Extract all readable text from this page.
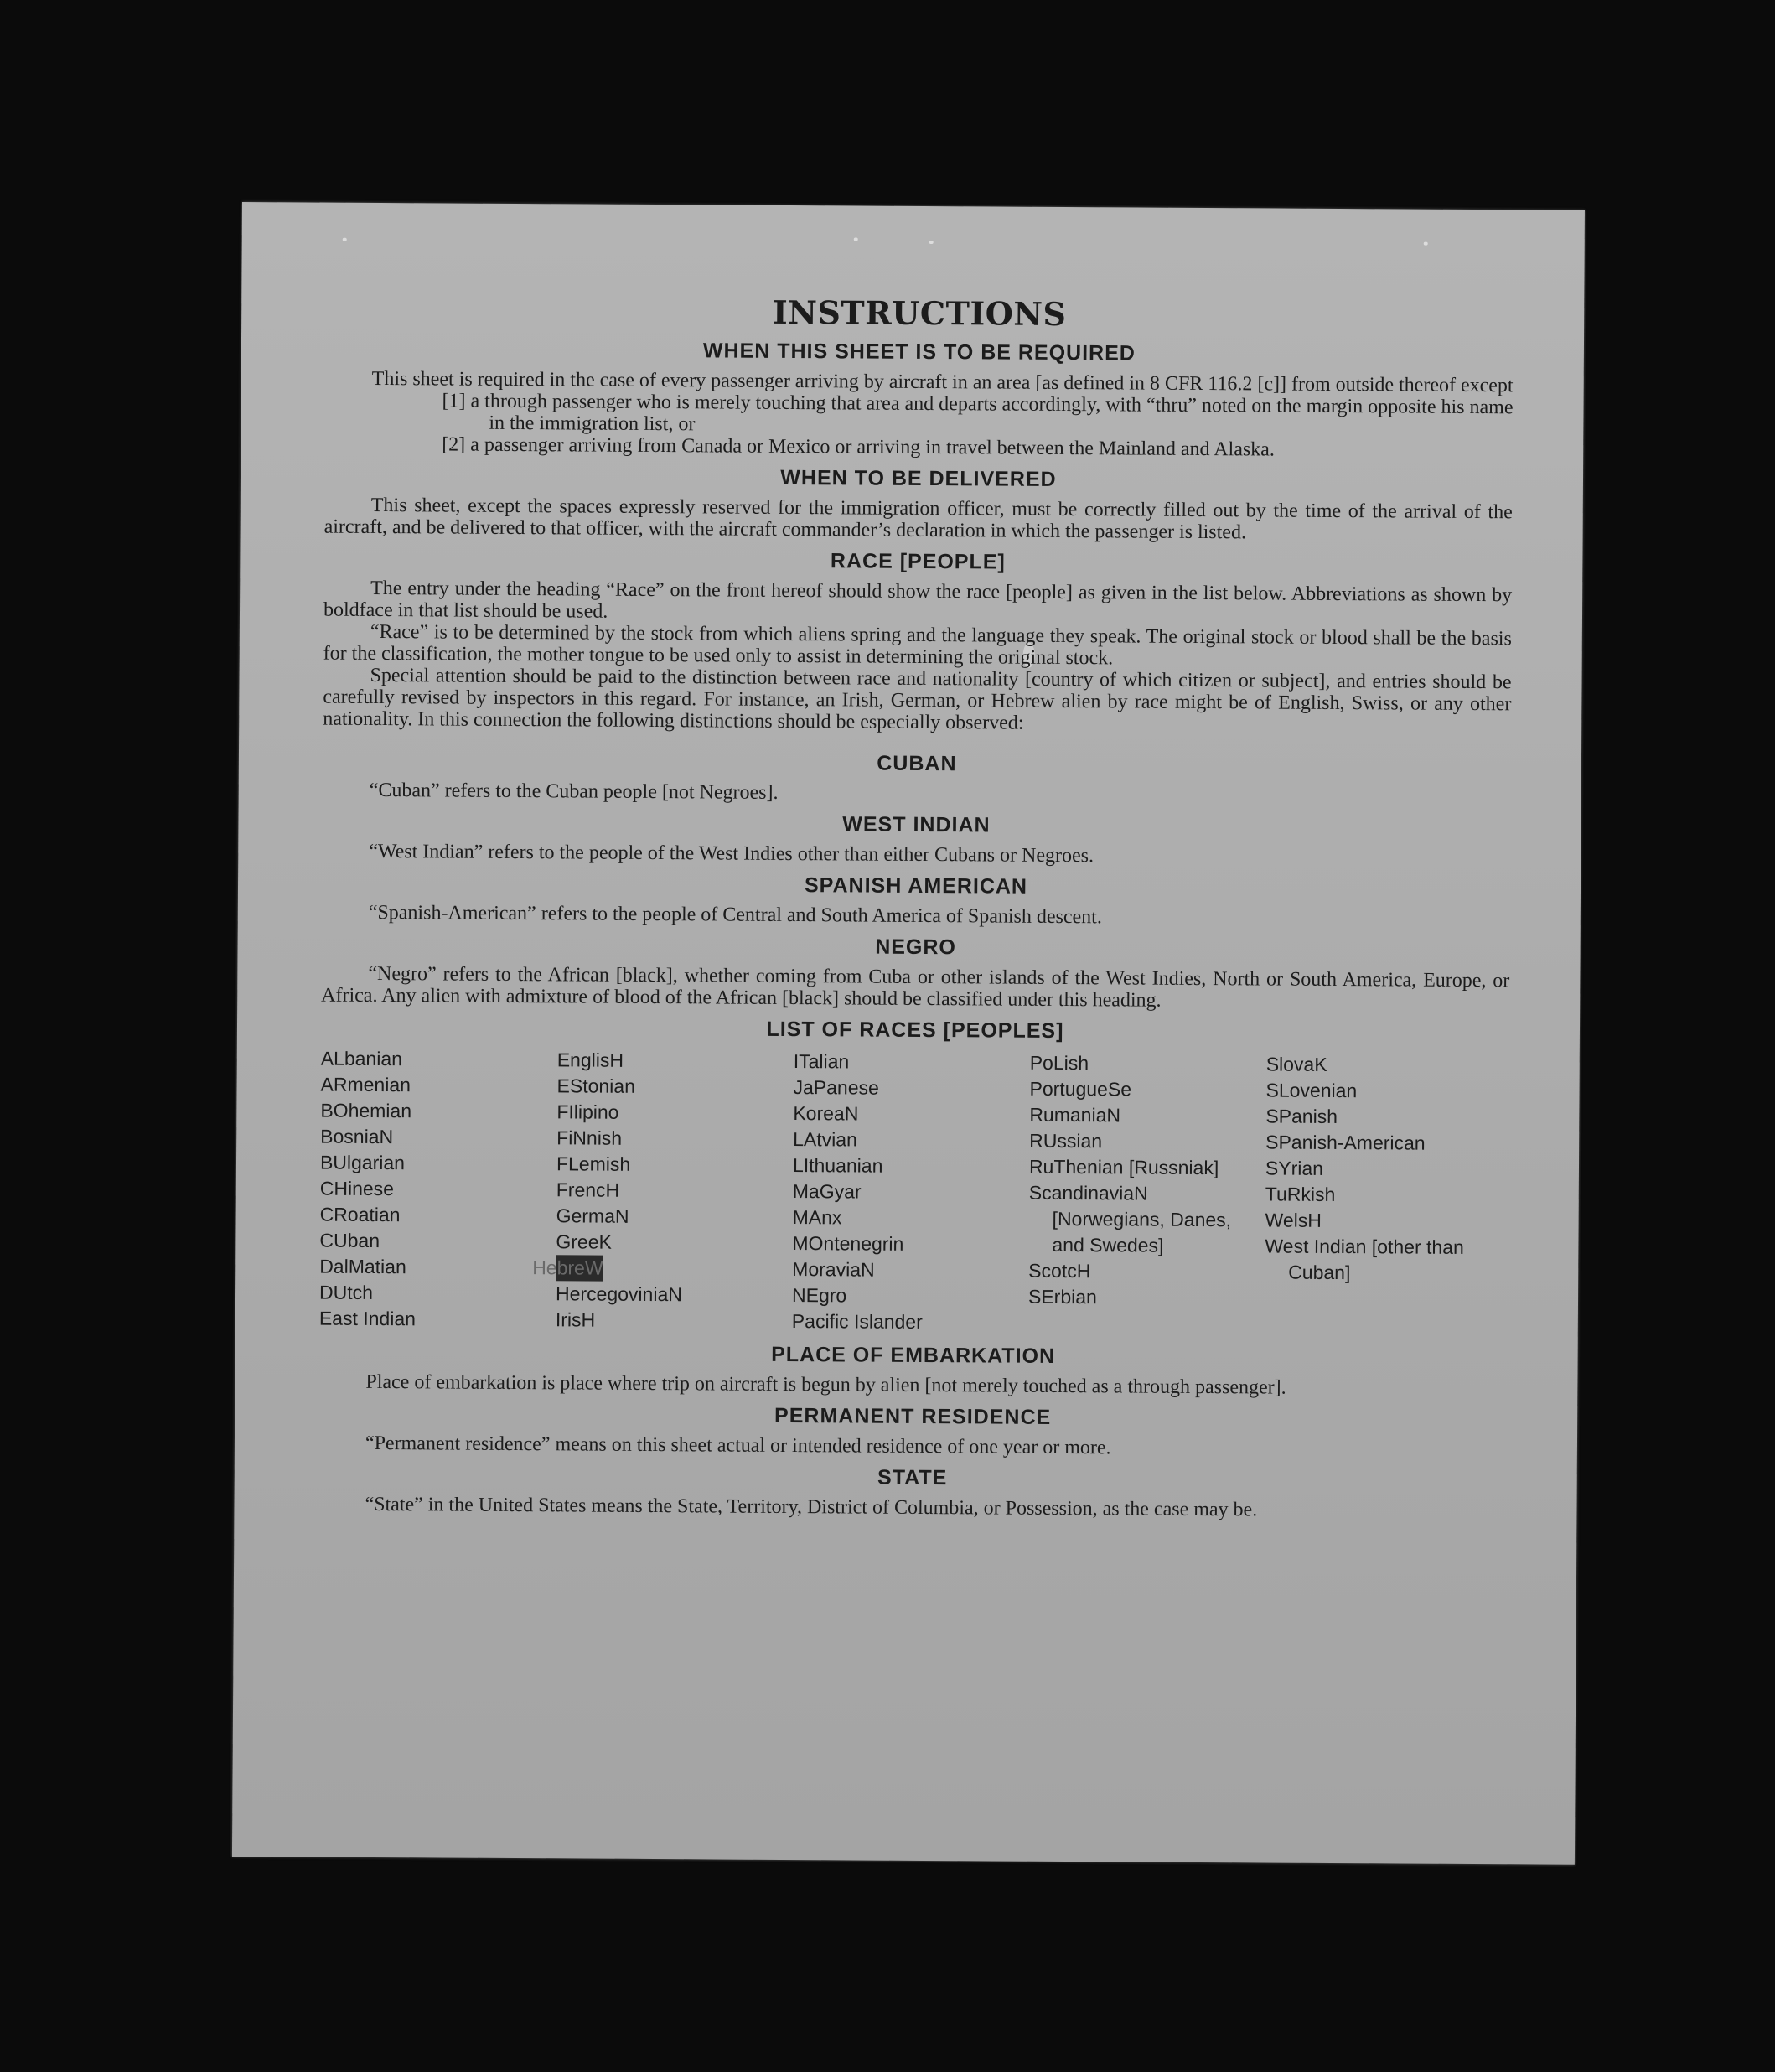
INSTRUCTIONS
WHEN THIS SHEET IS TO BE REQUIRED

This sheet is required in the case of every passenger arriving by aircraft in an area [as defined in 8 CFR 116.2 [c]] from outside thereof except

[1] a through passenger who is merely touching that area and departs accordingly, with “thru” noted on the margin opposite his name in the immigration list, or

[2] a passenger arriving from Canada or Mexico or arriving in travel between the Mainland and Alaska.

WHEN TO BE DELIVERED

This sheet, except the spaces expressly reserved for the immigration officer, must be correctly filled out by the time of the arrival of the aircraft, and be delivered to that officer, with the aircraft commander’s declaration in which the passenger is listed.

RACE [PEOPLE]

The entry under the heading “Race” on the front hereof should show the race [people] as given in the list below. Abbreviations as shown by boldface in that list should be used.

“Race” is to be determined by the stock from which aliens spring and the language they speak. The original stock or blood shall be the basis for the classification, the mother tongue to be used only to assist in determining the original stock.

Special attention should be paid to the distinction between race and nationality [country of which citizen or subject], and entries should be carefully revised by inspectors in this regard. For instance, an Irish, German, or Hebrew alien by race might be of English, Swiss, or any other nationality. In this connection the following distinctions should be especially observed:

CUBAN

“Cuban” refers to the Cuban people [not Negroes].

WEST INDIAN

“West Indian” refers to the people of the West Indies other than either Cubans or Negroes.

SPANISH AMERICAN

“Spanish-American” refers to the people of Central and South America of Spanish descent.

NEGRO

“Negro” refers to the African [black], whether coming from Cuba or other islands of the West Indies, North or South America, Europe, or Africa. Any alien with admixture of blood of the African [black] should be classified under this heading.

LIST OF RACES [PEOPLES]
ALbanian
ARmenian
BOhemian
BosniaN
BUlgarian
CHinese
CRoatian
CUban
DalMatian
DUtch
East Indian
EnglisH
EStonian
FIlipino
FiNnish
FLemish
FrencH
GermaN
GreeK
HebreW
HercegoviniaN
IrisH
ITalian
JaPanese
KoreaN
LAtvian
LIthuanian
MaGyar
MAnx
MOntenegrin
MoraviaN
NEgro
Pacific Islander
PoLish
PortugueSe
RumaniaN
RUssian
RuThenian [Russniak]
ScandinaviaN [Norwegians, Danes, and Swedes]
ScotcH
SErbian
SlovaK
SLovenian
SPanish
SPanish-American
SYrian
TuRkish
WelsH
West Indian [other than Cuban]
PLACE OF EMBARKATION

Place of embarkation is place where trip on aircraft is begun by alien [not merely touched as a through passenger].

PERMANENT RESIDENCE

“Permanent residence” means on this sheet actual or intended residence of one year or more.

STATE

“State” in the United States means the State, Territory, District of Columbia, or Possession, as the case may be.
